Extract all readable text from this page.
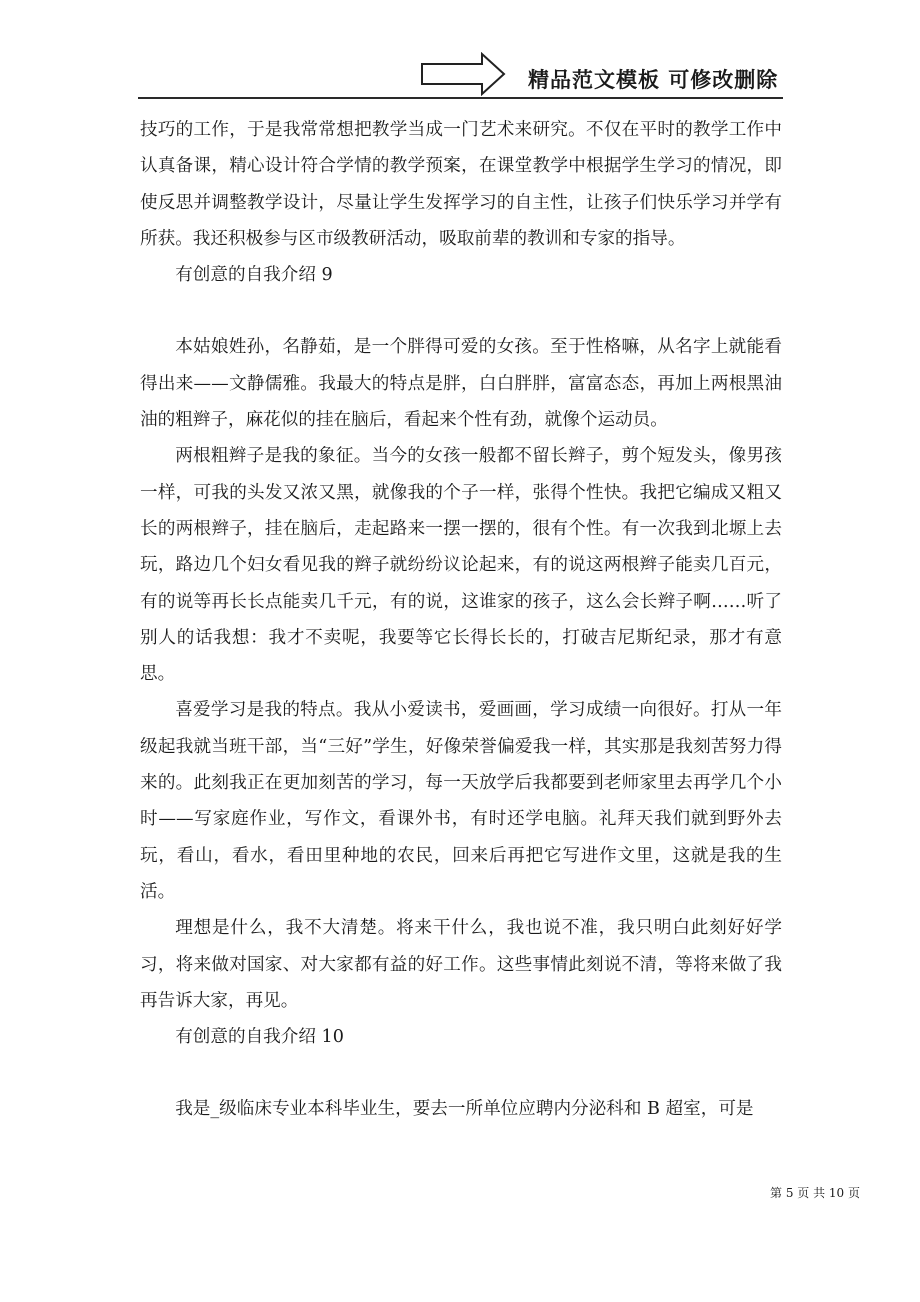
精品范文模板 可修改删除

技巧的工作，于是我常常想把教学当成一门艺术来研究。不仅在平时的教学工作中认真备课，精心设计符合学情的教学预案，在课堂教学中根据学生学习的情况，即使反思并调整教学设计，尽量让学生发挥学习的自主性，让孩子们快乐学习并学有所获。我还积极参与区市级教研活动，吸取前辈的教训和专家的指导。

有创意的自我介绍 9

本姑娘姓孙，名静茹，是一个胖得可爱的女孩。至于性格嘛，从名字上就能看得出来——文静儒雅。我最大的特点是胖，白白胖胖，富富态态，再加上两根黑油油的粗辫子，麻花似的挂在脑后，看起来个性有劲，就像个运动员。

两根粗辫子是我的象征。当今的女孩一般都不留长辫子，剪个短发头，像男孩一样，可我的头发又浓又黑，就像我的个子一样，张得个性快。我把它编成又粗又长的两根辫子，挂在脑后，走起路来一摆一摆的，很有个性。有一次我到北塬上去玩，路边几个妇女看见我的辫子就纷纷议论起来，有的说这两根辫子能卖几百元，有的说等再长长点能卖几千元，有的说，这谁家的孩子，这么会长辫子啊……听了别人的话我想：我才不卖呢，我要等它长得长长的，打破吉尼斯纪录，那才有意思。

喜爱学习是我的特点。我从小爱读书，爱画画，学习成绩一向很好。打从一年级起我就当班干部，当“三好”学生，好像荣誉偏爱我一样，其实那是我刻苦努力得来的。此刻我正在更加刻苦的学习，每一天放学后我都要到老师家里去再学几个小时——写家庭作业，写作文，看课外书，有时还学电脑。礼拜天我们就到野外去玩，看山，看水，看田里种地的农民，回来后再把它写进作文里，这就是我的生活。

理想是什么，我不大清楚。将来干什么，我也说不准，我只明白此刻好好学习，将来做对国家、对大家都有益的好工作。这些事情此刻说不清，等将来做了我再告诉大家，再见。

有创意的自我介绍 10

我是_级临床专业本科毕业生，要去一所单位应聘内分泌科和 B 超室，可是

第 5 页 共 10 页
